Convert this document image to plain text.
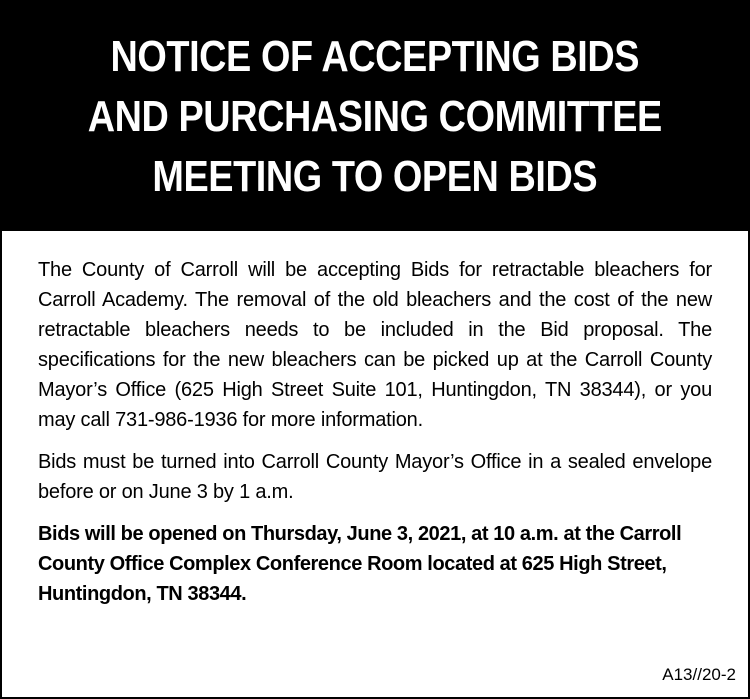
NOTICE OF ACCEPTING BIDS
AND PURCHASING COMMITTEE
MEETING TO OPEN BIDS

The County of Carroll will be accepting Bids for retractable bleachers for Carroll Academy. The removal of the old bleachers and the cost of the new retractable bleachers needs to be included in the Bid proposal. The specifications for the new bleachers can be picked up at the Carroll County Mayor’s Office (625 High Street Suite 101, Huntingdon, TN 38344), or you may call 731-986-1936 for more information.

Bids must be turned into Carroll County Mayor’s Office in a sealed envelope before or on June 3 by 1 a.m.

Bids will be opened on Thursday, June 3, 2021, at 10 a.m. at the Carroll County Office Complex Conference Room located at 625 High Street, Huntingdon, TN 38344.

A13//20-2
